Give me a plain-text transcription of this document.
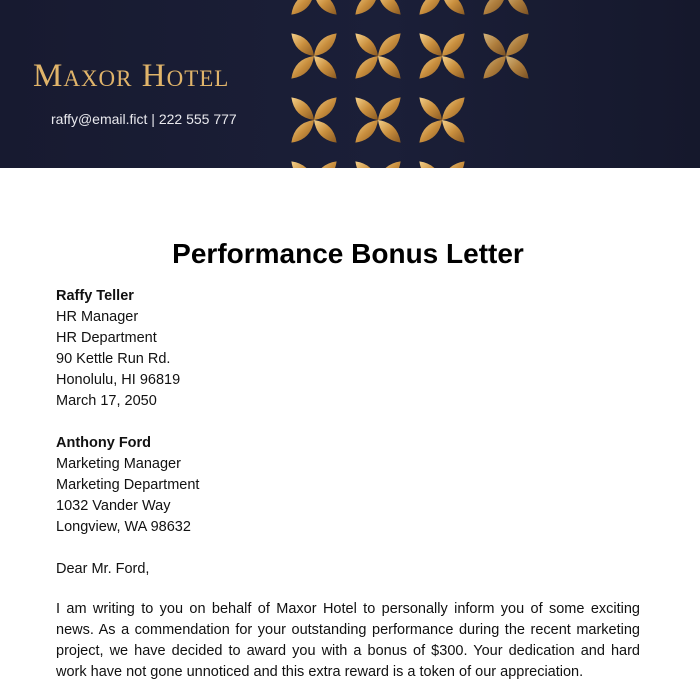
Maxor Hotel
raffy@email.fict | 222 555 777
Performance Bonus Letter
Raffy Teller
HR Manager
HR Department
90 Kettle Run Rd.
Honolulu, HI 96819
March 17, 2050
Anthony Ford
Marketing Manager
Marketing Department
1032 Vander Way
Longview, WA 98632
Dear Mr. Ford,
I am writing to you on behalf of Maxor Hotel to personally inform you of some exciting news. As a commendation for your outstanding performance during the recent marketing project, we have decided to award you with a bonus of $300. Your dedication and hard work have not gone unnoticed and this extra reward is a token of our appreciation.
